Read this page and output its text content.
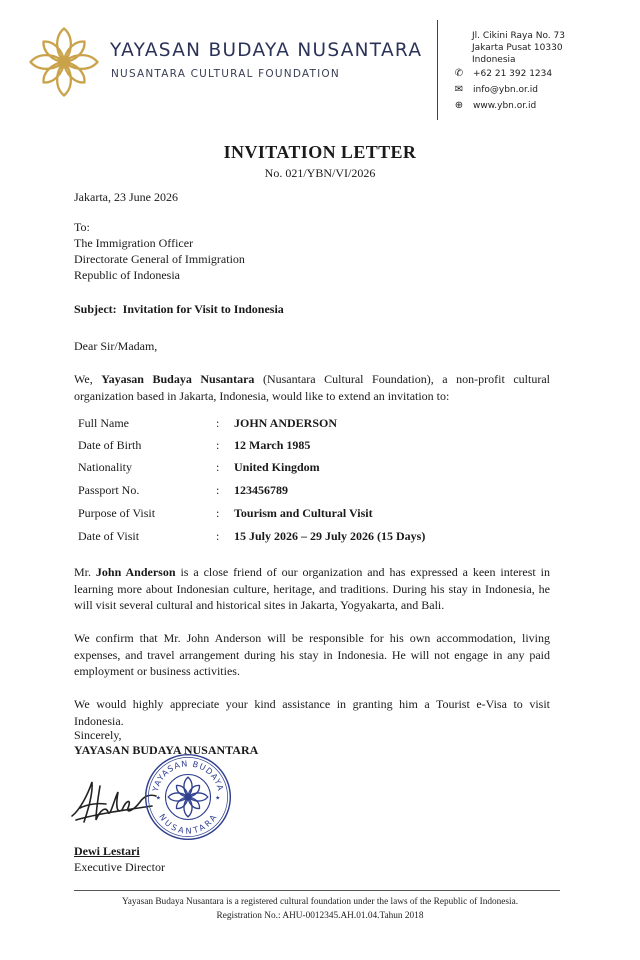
YAYASAN BUDAYA NUSANTARA
NUSANTARA CULTURAL FOUNDATION
Jl. Cikini Raya No. 73
Jakarta Pusat 10330
Indonesia
✆ +62 21 392 1234
✉ info@ybn.or.id
⊕ www.ybn.or.id
INVITATION LETTER
No. 021/YBN/VI/2026
Jakarta, 23 June 2026
To:
The Immigration Officer
Directorate General of Immigration
Republic of Indonesia
Subject: Invitation for Visit to Indonesia
Dear Sir/Madam,
We, Yayasan Budaya Nusantara (Nusantara Cultural Foundation), a non-profit cultural organization based in Jakarta, Indonesia, would like to extend an invitation to:
Full Name	: JOHN ANDERSON
Date of Birth	: 12 March 1985
Nationality	: United Kingdom
Passport No.	: 123456789
Purpose of Visit	: Tourism and Cultural Visit
Date of Visit	: 15 July 2026 – 29 July 2026 (15 Days)
Mr. John Anderson is a close friend of our organization and has expressed a keen interest in learning more about Indonesian culture, heritage, and traditions. During his stay in Indonesia, he will visit several cultural and historical sites in Jakarta, Yogyakarta, and Bali.
We confirm that Mr. John Anderson will be responsible for his own accommodation, living expenses, and travel arrangement during his stay in Indonesia. He will not engage in any paid employment or business activities.
We would highly appreciate your kind assistance in granting him a Tourist e-Visa to visit Indonesia.
Sincerely,
YAYASAN BUDAYA NUSANTARA
YAYASAN BUDAYA
NUSANTARA
★	★
Dewi Lestari
Executive Director
Yayasan Budaya Nusantara is a registered cultural foundation under the laws of the Republic of Indonesia.
Registration No.: AHU-0012345.AH.01.04.Tahun 2018
